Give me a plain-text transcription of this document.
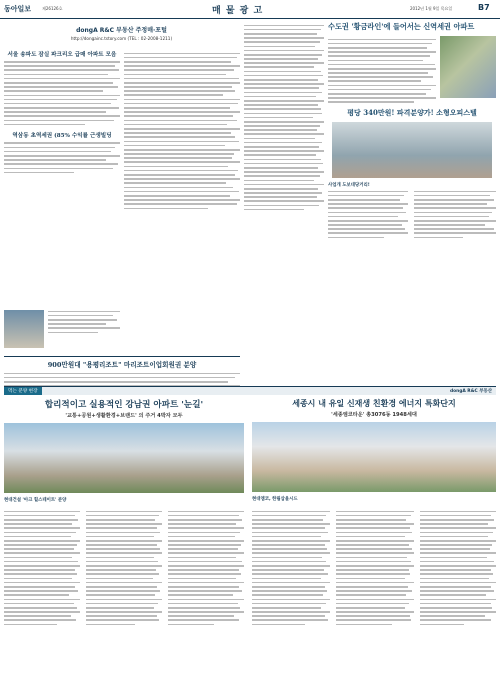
동아일보	제26126호	매 물 광 고	2012년 1월 9일 목요일	B7
dongA R&C 부동산 주정매·포털
http://dongainc.tstory.com (TEL : 02-2008-1211)
서울 송파도 잠실 파크리오 급매 아파트 모음
역삼동 초역세권 (85% 수익률 근생빌딩
900만원대 "용평리조트" 마리조트이업회원권 분양
수도권 '황금라인'에 들어서는 신역세권 아파트
평당 340만원! 파격분양가! 소형오피스텔
사업개 도보대당거리!
먹는 분양 현장	dongA R&C 부동산
합리적이고 실용적인 강남권 아파트 '눈길'
'교통+공원+생활환경+브랜드' 의 주거 4박자 모두
현대건설 '아크 힐스테이트' 분양
세종시 내 유일 신재생 친환경 에너지 특화단지
'세종엠코타운' 총3076동 1948세대
현대엠코, 한림삼울시드
